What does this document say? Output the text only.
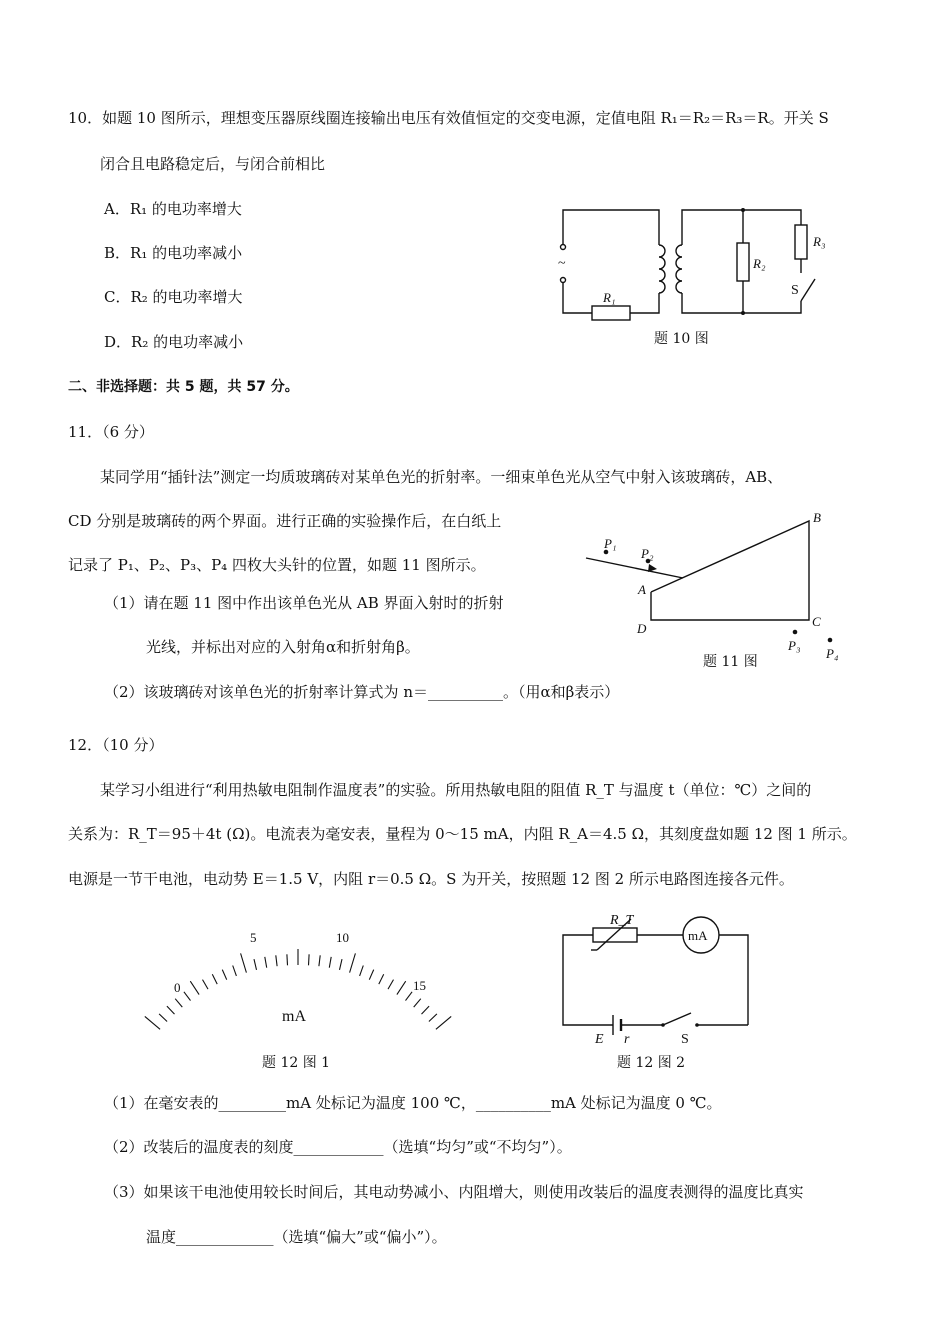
10．如题 10 图所示，理想变压器原线圈连接输出电压有效值恒定的交变电源，定值电阻 R₁＝R₂＝R₃＝R。开关 S
闭合且电路稳定后，与闭合前相比
A．R₁ 的电功率增大
B．R₁ 的电功率减小
C．R₂ 的电功率增大
D．R₂ 的电功率减小
~
R₁
R₂
R₃
S
题 10 图
二、非选择题：共 5 题，共 57 分。
11．（6 分）
某同学用“插针法”测定一均质玻璃砖对某单色光的折射率。一细束单色光从空气中射入该玻璃砖，AB、
CD 分别是玻璃砖的两个界面。进行正确的实验操作后，在白纸上
记录了 P₁、P₂、P₃、P₄ 四枚大头针的位置，如题 11 图所示。
（1）请在题 11 图中作出该单色光从 AB 界面入射时的折射
光线，并标出对应的入射角α和折射角β。
（2）该玻璃砖对该单色光的折射率计算式为 n＝__________。（用α和β表示）
A
B
C
D
P₁
P₂
P₃
P₄
题 11 图
12．（10 分）
某学习小组进行“利用热敏电阻制作温度表”的实验。所用热敏电阻的阻值 R_T 与温度 t（单位：℃）之间的
关系为：R_T＝95＋4t (Ω)。电流表为毫安表，量程为 0～15 mA，内阻 R_A＝4.5 Ω，其刻度盘如题 12 图 1 所示。
电源是一节干电池，电动势 E＝1.5 V，内阻 r＝0.5 Ω。S 为开关，按照题 12 图 2 所示电路图连接各元件。
0
5	10
15
mA
题 12 图 1
R_T
mA
E r	S
题 12 图 2
（1）在毫安表的_________mA 处标记为温度 100 ℃，__________mA 处标记为温度 0 ℃。
（2）改装后的温度表的刻度____________（选填“均匀”或“不均匀”）。
（3）如果该干电池使用较长时间后，其电动势减小、内阻增大，则使用改装后的温度表测得的温度比真实
温度_____________（选填“偏大”或“偏小”）。
